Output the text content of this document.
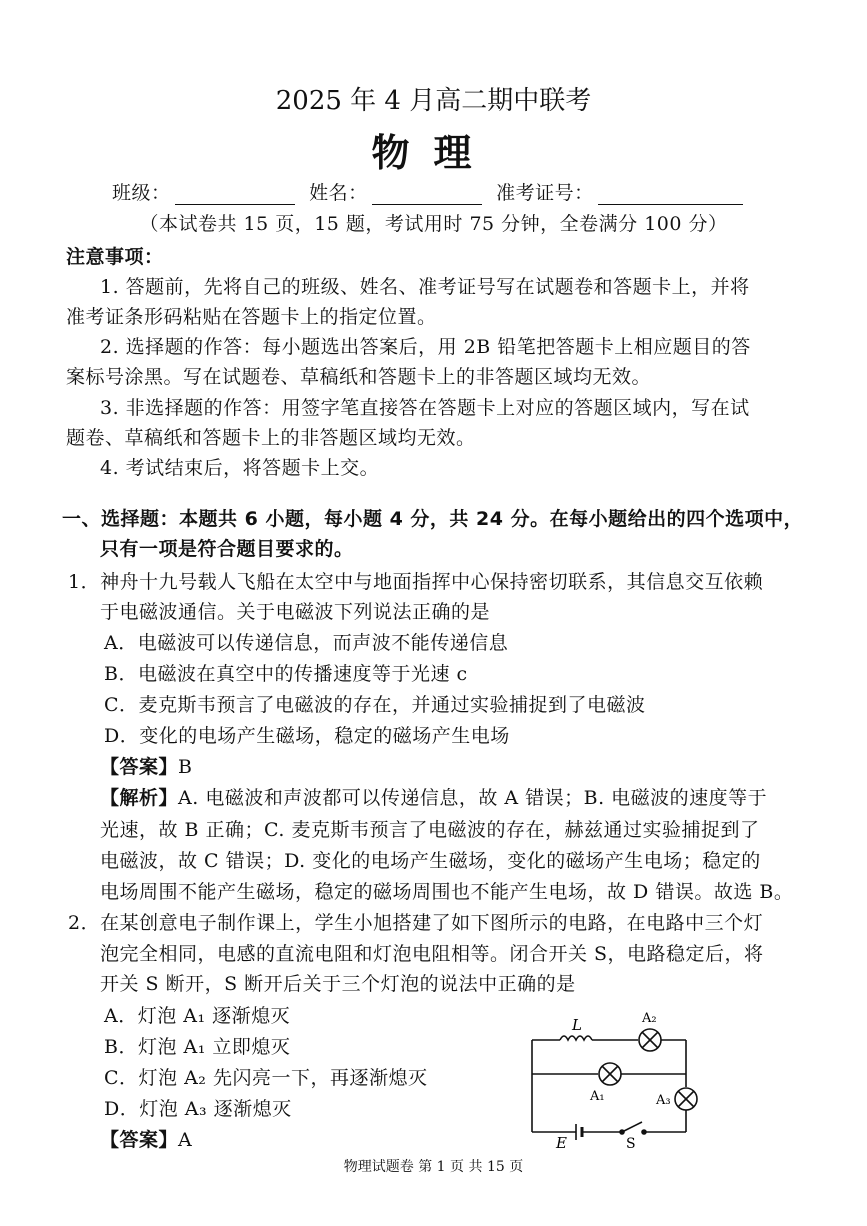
2025 年 4 月高二期中联考
物理
班级：	姓名：	准考证号：
（本试卷共 15 页，15 题，考试用时 75 分钟，全卷满分 100 分）
注意事项：
1. 答题前，先将自己的班级、姓名、准考证号写在试题卷和答题卡上，并将
准考证条形码粘贴在答题卡上的指定位置。
2. 选择题的作答：每小题选出答案后，用 2B 铅笔把答题卡上相应题目的答
案标号涂黑。写在试题卷、草稿纸和答题卡上的非答题区域均无效。
3. 非选择题的作答：用签字笔直接答在答题卡上对应的答题区域内，写在试
题卷、草稿纸和答题卡上的非答题区域均无效。
4. 考试结束后，将答题卡上交。
一、选择题：本题共 6 小题，每小题 4 分，共 24 分。在每小题给出的四个选项中，
只有一项是符合题目要求的。
1．神舟十九号载人飞船在太空中与地面指挥中心保持密切联系，其信息交互依赖
于电磁波通信。关于电磁波下列说法正确的是
A．电磁波可以传递信息，而声波不能传递信息
B．电磁波在真空中的传播速度等于光速 c
C．麦克斯韦预言了电磁波的存在，并通过实验捕捉到了电磁波
D．变化的电场产生磁场，稳定的磁场产生电场
【答案】B
【解析】A. 电磁波和声波都可以传递信息，故 A 错误；B. 电磁波的速度等于
光速，故 B 正确；C. 麦克斯韦预言了电磁波的存在，赫兹通过实验捕捉到了
电磁波，故 C 错误；D. 变化的电场产生磁场，变化的磁场产生电场；稳定的
电场周围不能产生磁场，稳定的磁场周围也不能产生电场，故 D 错误。故选 B。
2．在某创意电子制作课上，学生小旭搭建了如下图所示的电路，在电路中三个灯
泡完全相同，电感的直流电阻和灯泡电阻相等。闭合开关 S，电路稳定后，将
开关 S 断开，S 断开后关于三个灯泡的说法中正确的是
A．灯泡 A₁ 逐渐熄灭
B．灯泡 A₁ 立即熄灭
C．灯泡 A₂ 先闪亮一下，再逐渐熄灭
D．灯泡 A₃ 逐渐熄灭
【答案】A
L	A₂
A₁	A₃
E	S
物理试题卷 第 1 页 共 15 页
